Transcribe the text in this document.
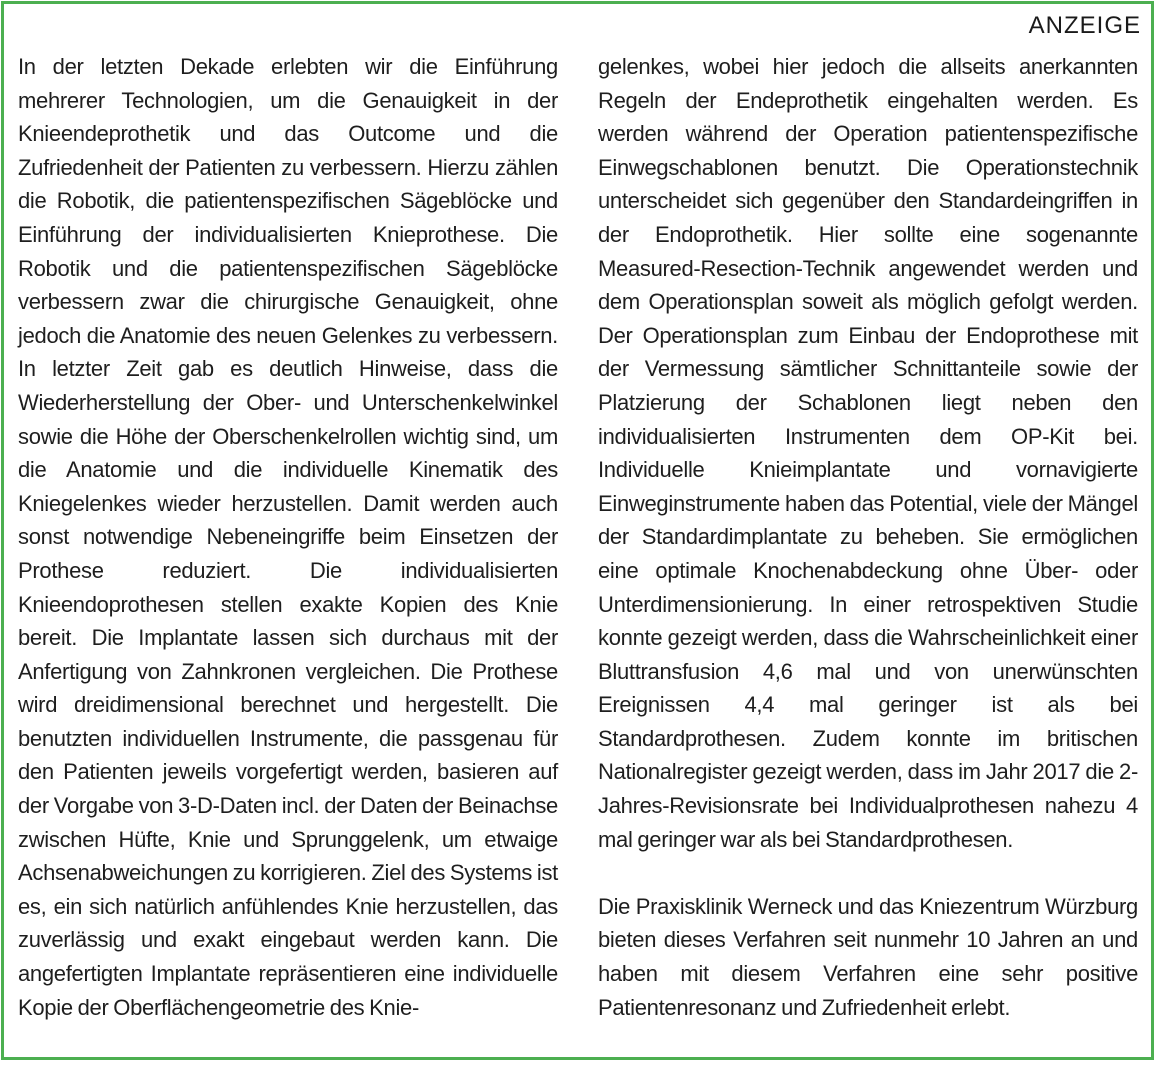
ANZEIGE

In der letzten Dekade erlebten wir die Einführung mehrerer Technologien, um die Genauigkeit in der Knieendeprothetik und das Outcome und die Zufriedenheit der Patienten zu verbessern. Hierzu zählen die Robotik, die patientenspezifischen Sägeblöcke und Einführung der individualisierten Knieprothese. Die Robotik und die patientenspezifischen Sägeblöcke verbessern zwar die chirurgische Genauigkeit, ohne jedoch die Anatomie des neuen Gelenkes zu verbessern. In letzter Zeit gab es deutlich Hinweise, dass die Wiederherstellung der Ober- und Unterschenkelwinkel sowie die Höhe der Oberschenkelrollen wichtig sind, um die Anatomie und die individuelle Kinematik des Kniegelenkes wieder herzustellen. Damit werden auch sonst notwendige Nebeneingriffe beim Einsetzen der Prothese reduziert. Die individualisierten Knieendoprothesen stellen exakte Kopien des Knie bereit. Die Implantate lassen sich durchaus mit der Anfertigung von Zahnkronen vergleichen. Die Prothese wird dreidimensional berechnet und hergestellt. Die benutzten individuellen Instrumente, die passgenau für den Patienten jeweils vorgefertigt werden, basieren auf der Vorgabe von 3-D-Daten incl. der Daten der Beinachse zwischen Hüfte, Knie und Sprunggelenk, um etwaige Achsenabweichungen zu korrigieren. Ziel des Systems ist es, ein sich natürlich anfühlendes Knie herzustellen, das zuverlässig und exakt eingebaut werden kann. Die angefertigten Implantate repräsentieren eine individuelle Kopie der Oberflächengeometrie des Knie-

gelenkes, wobei hier jedoch die allseits anerkannten Regeln der Endeprothetik eingehalten werden. Es werden während der Operation patientenspezifische Einwegschablonen benutzt. Die Operationstechnik unterscheidet sich gegenüber den Standardeingriffen in der Endoprothetik. Hier sollte eine sogenannte Measured-Resection-Technik angewendet werden und dem Operationsplan soweit als möglich gefolgt werden. Der Operationsplan zum Einbau der Endoprothese mit der Vermessung sämtlicher Schnittanteile sowie der Platzierung der Schablonen liegt neben den individualisierten Instrumenten dem OP-Kit bei. Individuelle Knieimplantate und vornavigierte Einweginstrumente haben das Potential, viele der Mängel der Standardimplantate zu beheben. Sie ermöglichen eine optimale Knochenabdeckung ohne Über- oder Unterdimensionierung. In einer retrospektiven Studie konnte gezeigt werden, dass die Wahrscheinlichkeit einer Bluttransfusion 4,6 mal und von unerwünschten Ereignissen 4,4 mal geringer ist als bei Standardprothesen. Zudem konnte im britischen Nationalregister gezeigt werden, dass im Jahr 2017 die 2-Jahres-Revisionsrate bei Individualprothesen nahezu 4 mal geringer war als bei Standardprothesen.

Die Praxisklinik Werneck und das Kniezentrum Würzburg bieten dieses Verfahren seit nunmehr 10 Jahren an und haben mit diesem Verfahren eine sehr positive Patientenresonanz und Zufriedenheit erlebt.
